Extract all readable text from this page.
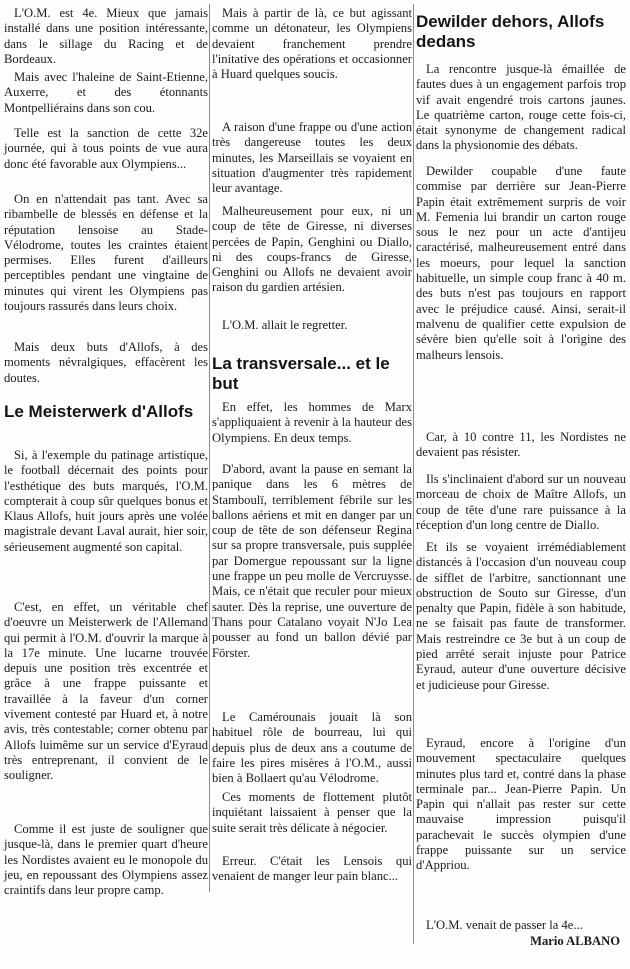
L'O.M. est 4e. Mieux que jamais installé dans une position intéressante, dans le sillage du Racing et de Bordeaux.

Mais avec l'haleine de Saint-Etienne, Auxerre, et des étonnants Montpelliérains dans son cou.

Telle est la sanction de cette 32e journée, qui à tous points de vue aura donc été favorable aux Olympiens...

On en n'attendait pas tant. Avec sa ribambelle de blessés en défense et la réputation lensoise au Stade-Vélodrome, toutes les craintes étaient permises. Elles furent d'ailleurs perceptibles pendant une vingtaine de minutes qui virent les Olympiens pas toujours rassurés dans leurs choix.

Mais deux buts d'Allofs, à des moments névralgiques, effacèrent les doutes.

Le Meisterwerk d'Allofs

Si, à l'exemple du patinage artistique, le football décernait des points pour l'esthétique des buts marqués, l'O.M. compterait à coup sûr quelques bonus et Klaus Allofs, huit jours après une volée magistrale devant Laval aurait, hier soir, sérieusement augmenté son capital.

C'est, en effet, un véritable chef d'oeuvre un Meisterwerk de l'Allemand qui permit à l'O.M. d'ouvrir la marque à la 17e minute. Une lucarne trouvée depuis une position très excentrée et grâce à une frappe puissante et travaillée à la faveur d'un corner vivement contesté par Huard et, à notre avis, très contestable; corner obtenu par Allofs luimême sur un service d'Eyraud très entreprenant, il convient de le souligner.

Comme il est juste de souligner que jusque-là, dans le premier quart d'heure les Nordistes avaient eu le monopole du jeu, en repoussant des Olympiens assez craintifs dans leur propre camp.

Mais à partir de là, ce but agissant comme un détonateur, les Olympiens devaient franchement prendre l'initative des opérations et occasionner à Huard quelques soucis.

A raison d'une frappe ou d'une action très dangereuse toutes les deux minutes, les Marseillais se voyaient en situation d'augmenter très rapidement leur avantage.

Malheureusement pour eux, ni un coup de tête de Giresse, ni diverses percées de Papin, Genghini ou Diallo, ni des coups-francs de Giresse, Genghini ou Allofs ne devaient avoir raison du gardien artésien.

L'O.M. allait le regretter.

La transversale... et le but

En effet, les hommes de Marx s'appliquaient à revenir à la hauteur des Olympiens. En deux temps.

D'abord, avant la pause en semant la panique dans les 6 mètres de Stamboulï, terriblement fébrile sur les ballons aériens et mit en danger par un coup de tête de son défenseur Regina sur sa propre transversale, puis supplée par Domergue repoussant sur la ligne une frappe un peu molle de Vercruysse. Mais, ce n'était que reculer pour mieux sauter. Dès la reprise, une ouverture de Thans pour Catalano voyait N'Jo Lea pousser au fond un ballon dévié par Förster.

Le Camérounais jouait là son habituel rôle de bourreau, lui qui depuis plus de deux ans a coutume de faire les pires misères à l'O.M., aussi bien à Bollaert qu'au Vélodrome.

Ces moments de flottement plutôt inquiétant laissaient à penser que la suite serait très délicate à négocier.

Erreur. C'était les Lensois qui venaient de manger leur pain blanc...

Dewilder dehors, Allofs dedans

La rencontre jusque-là émaillée de fautes dues à un engagement parfois trop vif avait engendré trois cartons jaunes. Le quatrième carton, rouge cette fois-ci, était synonyme de changement radical dans la physionomie des débats.

Dewilder coupable d'une faute commise par derrière sur Jean-Pierre Papin était extrêmement surpris de voir M. Femenia lui brandir un carton rouge sous le nez pour un acte d'antijeu caractérisé, malheureusement entré dans les moeurs, pour lequel la sanction habituelle, un simple coup franc à 40 m. des buts n'est pas toujours en rapport avec le préjudice causé. Ainsi, serait-il malvenu de qualifier cette expulsion de sévère bien qu'elle soit à l'origine des malheurs lensois.

Car, à 10 contre 11, les Nordistes ne devaient pas résister.

Ils s'inclinaient d'abord sur un nouveau morceau de choix de Maître Allofs, un coup de tête d'une rare puissance à la réception d'un long centre de Diallo.

Et ils se voyaient irrémédiablement distancés à l'occasion d'un nouveau coup de sifflet de l'arbitre, sanctionnant une obstruction de Souto sur Giresse, d'un penalty que Papin, fidèle à son habitude, ne se faisait pas faute de transformer. Mais restreindre ce 3e but à un coup de pied arrêté serait injuste pour Patrice Eyraud, auteur d'une ouverture décisive et judicieuse pour Giresse.

Eyraud, encore à l'origine d'un mouvement spectaculaire quelques minutes plus tard et, contré dans la phase terminale par... Jean-Pierre Papin. Un Papin qui n'allait pas rester sur cette mauvaise impression puisqu'il parachevait le succès olympien d'une frappe puissante sur un service d'Appriou.

L'O.M. venait de passer la 4e...

Mario ALBANO
